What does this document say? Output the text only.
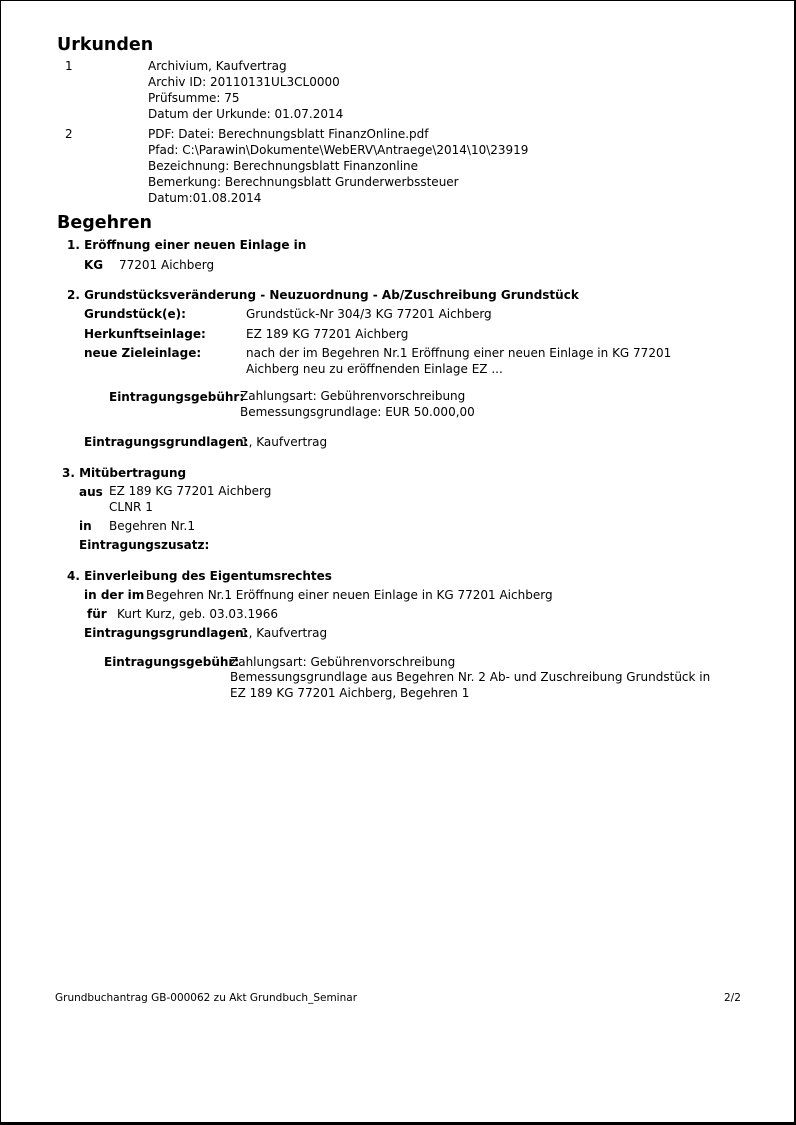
Urkunden
1	Archivium, Kaufvertrag
Archiv ID: 20110131UL3CL0000
Prüfsumme: 75
Datum der Urkunde: 01.07.2014
2	PDF: Datei: Berechnungsblatt FinanzOnline.pdf
Pfad: C:\Parawin\Dokumente\WebERV\Antraege\2014\10\23919
Bezeichnung: Berechnungsblatt Finanzonline
Bemerkung: Berechnungsblatt Grunderwerbssteuer
Datum:01.08.2014
Begehren
1. Eröffnung einer neuen Einlage in
KG 77201 Aichberg
2. Grundstücksveränderung - Neuzuordnung - Ab/Zuschreibung Grundstück
Grundstück(e):	Grundstück-Nr 304/3 KG 77201 Aichberg
Herkunftseinlage:	EZ 189 KG 77201 Aichberg
neue Zieleinlage:	nach der im Begehren Nr.1 Eröffnung einer neuen Einlage in KG 77201
Aichberg neu zu eröffnenden Einlage EZ ...
Eintragungsgebühr:
Zahlungsart: Gebührenvorschreibung
Bemessungsgrundlage: EUR 50.000,00
Eintragungsgrundlagen:
1, Kaufvertrag
3. Mitübertragung
aus EZ 189 KG 77201 Aichberg
CLNR 1
in Begehren Nr.1
Eintragungszusatz:
4. Einverleibung des Eigentumsrechtes
in der im Begehren Nr.1 Eröffnung einer neuen Einlage in KG 77201 Aichberg
für Kurt Kurz, geb. 03.03.1966
Eintragungsgrundlagen:
1, Kaufvertrag
Eintragungsgebühr:
Zahlungsart: Gebührenvorschreibung
Bemessungsgrundlage aus Begehren Nr. 2 Ab- und Zuschreibung Grundstück in
EZ 189 KG 77201 Aichberg, Begehren 1
Grundbuchantrag GB-000062 zu Akt Grundbuch_Seminar	2/2
